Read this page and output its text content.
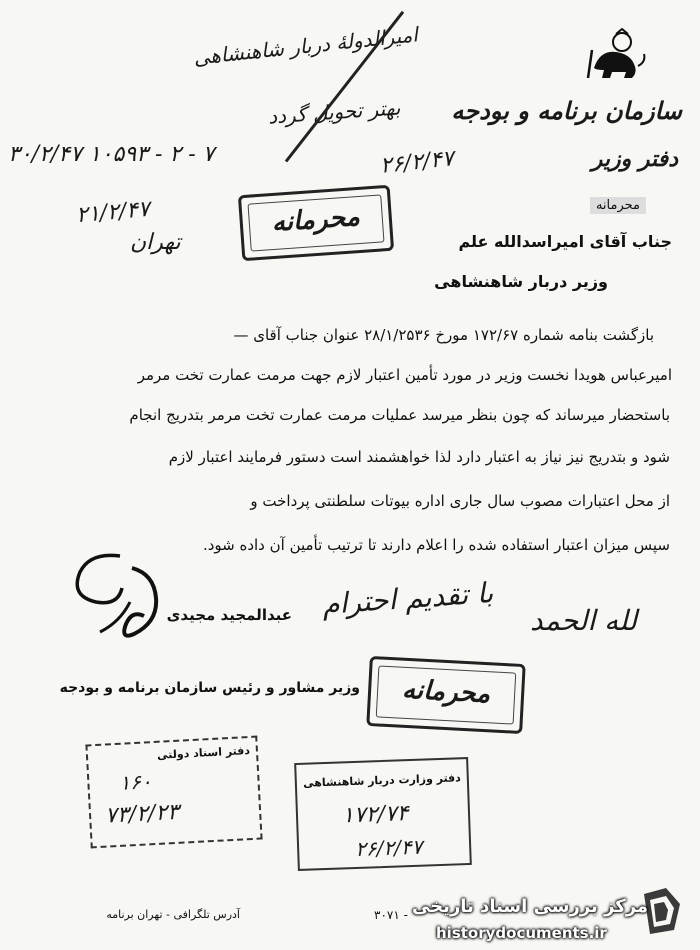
سازمان برنامه و بودجه
دفتر وزیر
محرمانه
امیرالدولهٔ دربار شاهنشاهی
بهتر تحویل گردد
۳۰/۲/۴۷ ۱۰۵۹۳ - ۲ - ۷	۲۶/۲/۴۷
۲۱/۲/۴۷
تهران
محرمانه
جناب آقای امیراسدالله علم
وزیر دربار شاهنشاهی
بازگشت بنامه شماره ۱۷۲/۶۷ مورخ ۲۸/۱/۲۵۳۶ عنوان جناب آقای —
امیرعباس هویدا نخست وزیر در مورد تأمین اعتبار لازم جهت مرمت عمارت تخت مرمر
باستحضار میرساند که چون بنظر میرسد عملیات مرمت عمارت تخت مرمر بتدریج انجام
شود و بتدریج نیز نیاز به اعتبار دارد لذا خواهشمند است دستور فرمایند اعتبار لازم
از محل اعتبارات مصوب سال جاری اداره بیوتات سلطنتی پرداخت و
سپس میزان اعتبار استفاده شده را اعلام دارند تا ترتیب تأمین آن داده شود.
با تقدیم احترام
عبدالمجید مجیدی	لله الحمد
وزیر مشاور و رئیس سازمان برنامه و بودجه	محرمانه
دفتر اسناد دولتی
۱۶۰
۷۳/۲/۲۳
دفتر وزارت دربار شاهنشاهی
۱۷۲/۷۴
۲۶/۲/۴۷
آدرس تلگرافی - تهران برنامه	۳۰۷۱ - مرکز بررسی اسناد تاریخی
historydocuments.ir
